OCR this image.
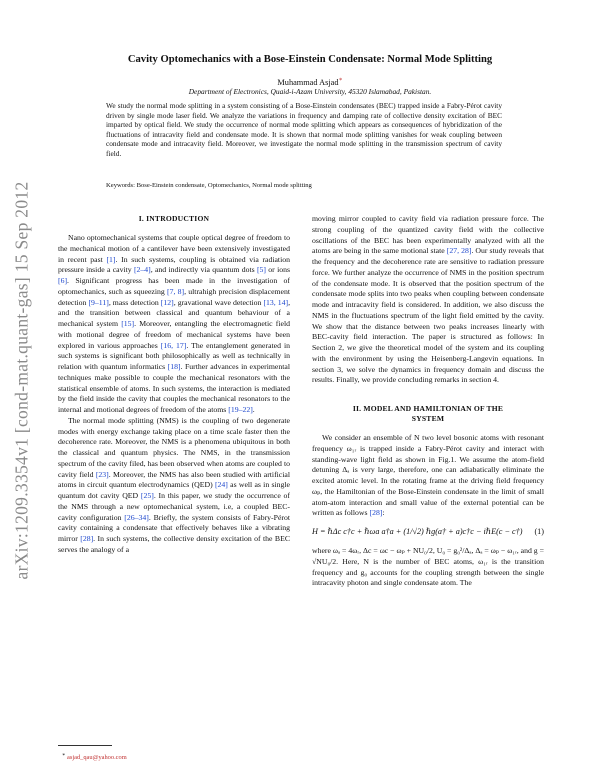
arXiv:1209.3354v1 [cond-mat.quant-gas] 15 Sep 2012
Cavity Optomechanics with a Bose-Einstein Condensate: Normal Mode Splitting
Muhammad Asjad∗
Department of Electronics, Quaid-i-Azam University, 45320 Islamabad, Pakistan.
We study the normal mode splitting in a system consisting of a Bose-Einstein condensates (BEC) trapped inside a Fabry-Pérot cavity driven by single mode laser field. We analyze the variations in frequency and damping rate of collective density excitation of BEC imparted by optical field. We study the occurrence of normal mode splitting which appears as consequences of hybridization of the fluctuations of intracavity field and condensate mode. It is shown that normal mode splitting vanishes for weak coupling between condensate mode and intracavity field. Moreover, we investigate the normal mode splitting in the transmission spectrum of cavity field.
Keywords: Bose-Einstein condensate, Optomechanics, Normal mode splitting
I. INTRODUCTION

Nano optomechanical systems that couple optical degree of freedom to the mechanical motion of a cantilever have been extensively investigated in recent past [1]. In such systems, coupling is obtained via radiation pressure inside a cavity [2–4], and indirectly via quantum dots [5] or ions [6]. Significant progress has been made in the investigation of optomechanics, such as squeezing [7, 8], ultrahigh precision displacement detection [9–11], mass detection [12], gravational wave detection [13, 14], and the transition between classical and quantum behaviour of a mechanical system [15]. Moreover, entangling the electromagnetic field with motional degree of freedom of mechanical systems have been explored in various approaches [16, 17]. The entanglement generated in such systems is significant both philosophically as well as technically in relation with quantum informatics [18]. Further advances in experimental techniques make possible to couple the mechanical resonators with the statistical ensemble of atoms. In such systems, the interaction is mediated by the field inside the cavity that couples the mechanical resonators to the internal and motional degrees of freedom of the atoms [19–22].

The normal mode splitting (NMS) is the coupling of two degenerate modes with energy exchange taking place on a time scale faster then the decoherence rate. Moreover, the NMS is a phenomena ubiquitous in both the classical and quantum physics. The NMS, in the transmission spectrum of the cavity filed, has been observed when atoms are coupled to cavity field [23]. Moreover, the NMS has also been studied with artificial atoms in circuit quantum electrodynamics (QED) [24] as well as in single quantum dot cavity QED [25]. In this paper, we study the occurrence of the NMS through a new optomechanical system, i.e, a coupled BEC-cavity configuration [26–34]. Briefly, the system consists of Fabry-Pérot cavity containing a condensate that effectively behaves like a vibrating mirror [28]. In such systems, the collective density excitation of the BEC serves the analogy of a

moving mirror coupled to cavity field via radiation pressure force. The strong coupling of the quantized cavity field with the collective oscillations of the BEC has been experimentally analyzed with all the atoms are being in the same motional state [27, 28]. Our study reveals that the frequency and the decoherence rate are sensitive to radiation pressure force. We further analyze the occurrence of NMS in the position spectrum of the condensate mode. It is observed that the position spectrum of the condensate mode splits into two peaks when coupling between condensate mode and intracavity field is considered. In addition, we also discuss the NMS in the fluctuations spectrum of the light field emitted by the cavity. We show that the distance between two peaks increases linearly with BEC-cavity field interaction. The paper is structured as follows: In Section 2, we give the theoretical model of the system and its coupling with the environment by using the Heisenberg-Langevin equations. In section 3, we solve the dynamics in frequency domain and discuss the results. Finally, we provide concluding remarks in section 4.

II. MODEL AND HAMILTONIAN OF THE
SYSTEM

We consider an ensemble of N two level bosonic atoms with resonant frequency ω₁ᵣ is trapped inside a Fabry-Pérot cavity and interact with standing-wave light field as shown in Fig.1. We assume the atom-field detuning Δₐ is very large, therefore, one can adiabatically eliminate the excited atomic level. In the rotating frame at the driving field frequency ωₚ, the Hamiltonian of the Bose-Einstein condensate in the limit of small atom-atom interaction and small value of the external potential can be written as follows [28]:

H = ℏΔc c†c + ℏωa a†a + (1/√2) ℏg(a† + a)c†c − iℏE(c − c†) (1)

where ωₐ = 4ωᵣ, Δc = ωc − ωₚ + NU₀/2, U₀ = g₀²/Δₐ, Δₐ = ωₚ − ω₁ᵣ, and g = √NU₀/2. Here, N is the number of BEC atoms, ω₁ᵣ is the transition frequency and g₀ accounts for the coupling strength between the single intracavity photon and single condensate atom. The

∗ asjad_qau@yahoo.com
